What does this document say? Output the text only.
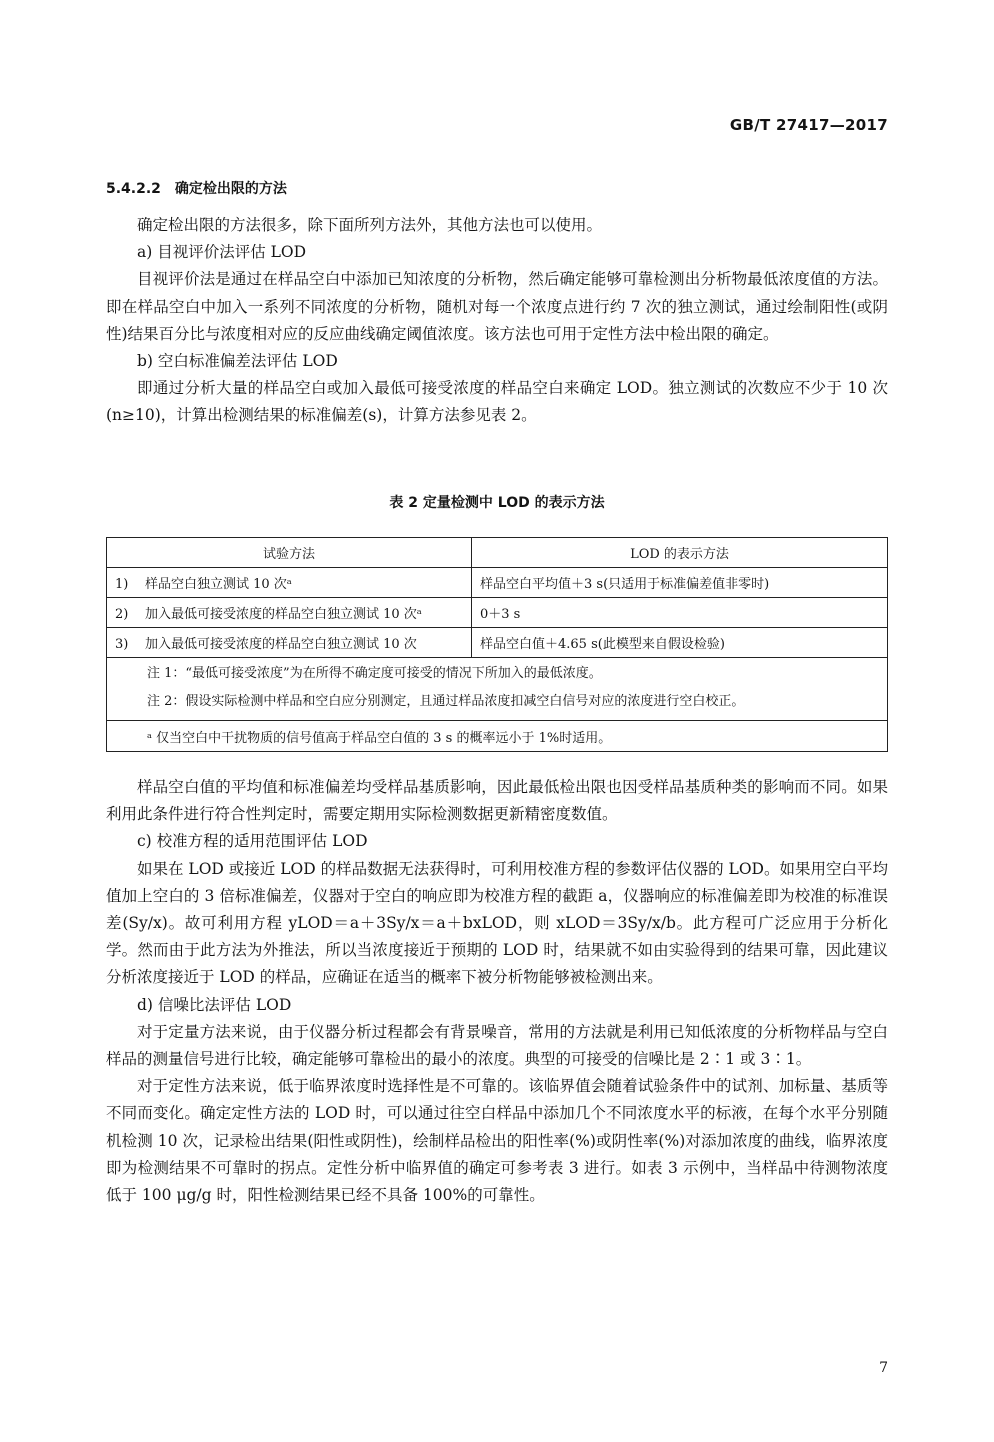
GB/T 27417—2017
5.4.2.2 确定检出限的方法

确定检出限的方法很多，除下面所列方法外，其他方法也可以使用。

a) 目视评价法评估 LOD

目视评价法是通过在样品空白中添加已知浓度的分析物，然后确定能够可靠检测出分析物最低浓度值的方法。即在样品空白中加入一系列不同浓度的分析物，随机对每一个浓度点进行约 7 次的独立测试，通过绘制阳性(或阴性)结果百分比与浓度相对应的反应曲线确定阈值浓度。该方法也可用于定性方法中检出限的确定。

b) 空白标准偏差法评估 LOD

即通过分析大量的样品空白或加入最低可接受浓度的样品空白来确定 LOD。独立测试的次数应不少于 10 次(n≥10)，计算出检测结果的标准偏差(s)，计算方法参见表 2。

表 2 定量检测中 LOD 的表示方法
试验方法	LOD 的表示方法
1) 样品空白独立测试 10 次ᵃ	样品空白平均值＋3 s(只适用于标准偏差值非零时)
2) 加入最低可接受浓度的样品空白独立测试 10 次ᵃ	0＋3 s
3) 加入最低可接受浓度的样品空白独立测试 10 次	样品空白值＋4.65 s(此模型来自假设检验)

注 1：“最低可接受浓度”为在所得不确定度可接受的情况下所加入的最低浓度。
注 2：假设实际检测中样品和空白应分别测定，且通过样品浓度扣减空白信号对应的浓度进行空白校正。	

ᵃ 仅当空白中干扰物质的信号值高于样品空白值的 3 s 的概率远小于 1%时适用。	

样品空白值的平均值和标准偏差均受样品基质影响，因此最低检出限也因受样品基质种类的影响而不同。如果利用此条件进行符合性判定时，需要定期用实际检测数据更新精密度数值。

c) 校准方程的适用范围评估 LOD

如果在 LOD 或接近 LOD 的样品数据无法获得时，可利用校准方程的参数评估仪器的 LOD。如果用空白平均值加上空白的 3 倍标准偏差，仪器对于空白的响应即为校准方程的截距 a，仪器响应的标准偏差即为校准的标准误差(Sy/x)。故可利用方程 yLOD＝a＋3Sy/x＝a＋bxLOD，则 xLOD＝3Sy/x/b。此方程可广泛应用于分析化学。然而由于此方法为外推法，所以当浓度接近于预期的 LOD 时，结果就不如由实验得到的结果可靠，因此建议分析浓度接近于 LOD 的样品，应确证在适当的概率下被分析物能够被检测出来。

d) 信噪比法评估 LOD

对于定量方法来说，由于仪器分析过程都会有背景噪音，常用的方法就是利用已知低浓度的分析物样品与空白样品的测量信号进行比较，确定能够可靠检出的最小的浓度。典型的可接受的信噪比是 2∶1 或 3∶1。

对于定性方法来说，低于临界浓度时选择性是不可靠的。该临界值会随着试验条件中的试剂、加标量、基质等不同而变化。确定定性方法的 LOD 时，可以通过往空白样品中添加几个不同浓度水平的标液，在每个水平分别随机检测 10 次，记录检出结果(阳性或阴性)，绘制样品检出的阳性率(%)或阴性率(%)对添加浓度的曲线，临界浓度即为检测结果不可靠时的拐点。定性分析中临界值的确定可参考表 3 进行。如表 3 示例中，当样品中待测物浓度低于 100 μg/g 时，阳性检测结果已经不具备 100%的可靠性。

7
